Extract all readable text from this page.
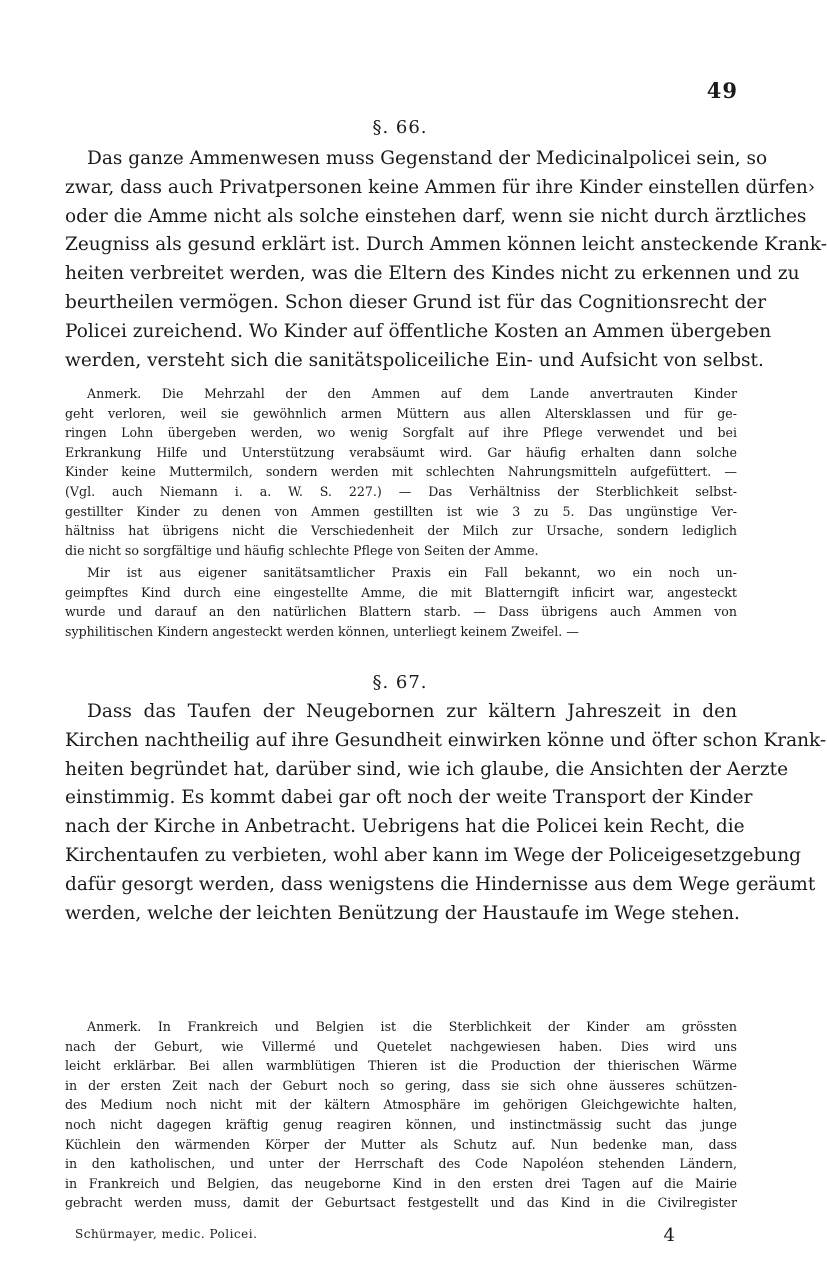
49
§. 66.
Das ganze Ammenwesen muss Gegenstand der Medicinalpolicei sein, so
zwar, dass auch Privatpersonen keine Ammen für ihre Kinder einstellen dürfen›
oder die Amme nicht als solche einstehen darf, wenn sie nicht durch ärztliches
Zeugniss als gesund erklärt ist. Durch Ammen können leicht ansteckende Krank-
heiten verbreitet werden, was die Eltern des Kindes nicht zu erkennen und zu
beurtheilen vermögen. Schon dieser Grund ist für das Cognitionsrecht der
Policei zureichend. Wo Kinder auf öffentliche Kosten an Ammen übergeben
werden, versteht sich die sanitätspoliceiliche Ein- und Aufsicht von selbst.
Anmerk. Die Mehrzahl der den Ammen auf dem Lande anvertrauten Kinder
geht verloren, weil sie gewöhnlich armen Müttern aus allen Altersklassen und für ge-
ringen Lohn übergeben werden, wo wenig Sorgfalt auf ihre Pflege verwendet und bei
Erkrankung Hilfe und Unterstützung verabsäumt wird. Gar häufig erhalten dann solche
Kinder keine Muttermilch, sondern werden mit schlechten Nahrungsmitteln aufgefüttert. —
(Vgl. auch Niemann i. a. W. S. 227.) — Das Verhältniss der Sterblichkeit selbst-
gestillter Kinder zu denen von Ammen gestillten ist wie 3 zu 5. Das ungünstige Ver-
hältniss hat übrigens nicht die Verschiedenheit der Milch zur Ursache, sondern lediglich
die nicht so sorgfältige und häufig schlechte Pflege von Seiten der Amme.
Mir ist aus eigener sanitätsamtlicher Praxis ein Fall bekannt, wo ein noch un-
geimpftes Kind durch eine eingestellte Amme, die mit Blatterngift inficirt war, angesteckt
wurde und darauf an den natürlichen Blattern starb. — Dass übrigens auch Ammen von
syphilitischen Kindern angesteckt werden können, unterliegt keinem Zweifel. —
§. 67.
Dass das Taufen der Neugebornen zur kältern Jahreszeit in den
Kirchen nachtheilig auf ihre Gesundheit einwirken könne und öfter schon Krank-
heiten begründet hat, darüber sind, wie ich glaube, die Ansichten der Aerzte
einstimmig. Es kommt dabei gar oft noch der weite Transport der Kinder
nach der Kirche in Anbetracht. Uebrigens hat die Policei kein Recht, die
Kirchentaufen zu verbieten, wohl aber kann im Wege der Policeigesetzgebung
dafür gesorgt werden, dass wenigstens die Hindernisse aus dem Wege geräumt
werden, welche der leichten Benützung der Haustaufe im Wege stehen.
Anmerk. In Frankreich und Belgien ist die Sterblichkeit der Kinder am grössten
nach der Geburt, wie Villermé und Quetelet nachgewiesen haben. Dies wird uns
leicht erklärbar. Bei allen warmblütigen Thieren ist die Production der thierischen Wärme
in der ersten Zeit nach der Geburt noch so gering, dass sie sich ohne äusseres schützen-
des Medium noch nicht mit der kältern Atmosphäre im gehörigen Gleichgewichte halten,
noch nicht dagegen kräftig genug reagiren können, und instinctmässig sucht das junge
Küchlein den wärmenden Körper der Mutter als Schutz auf. Nun bedenke man, dass
in den katholischen, und unter der Herrschaft des Code Napoléon stehenden Ländern,
in Frankreich und Belgien, das neugeborne Kind in den ersten drei Tagen auf die Mairie
gebracht werden muss, damit der Geburtsact festgestellt und das Kind in die Civilregister
Schürmayer, medic. Policei.	4
